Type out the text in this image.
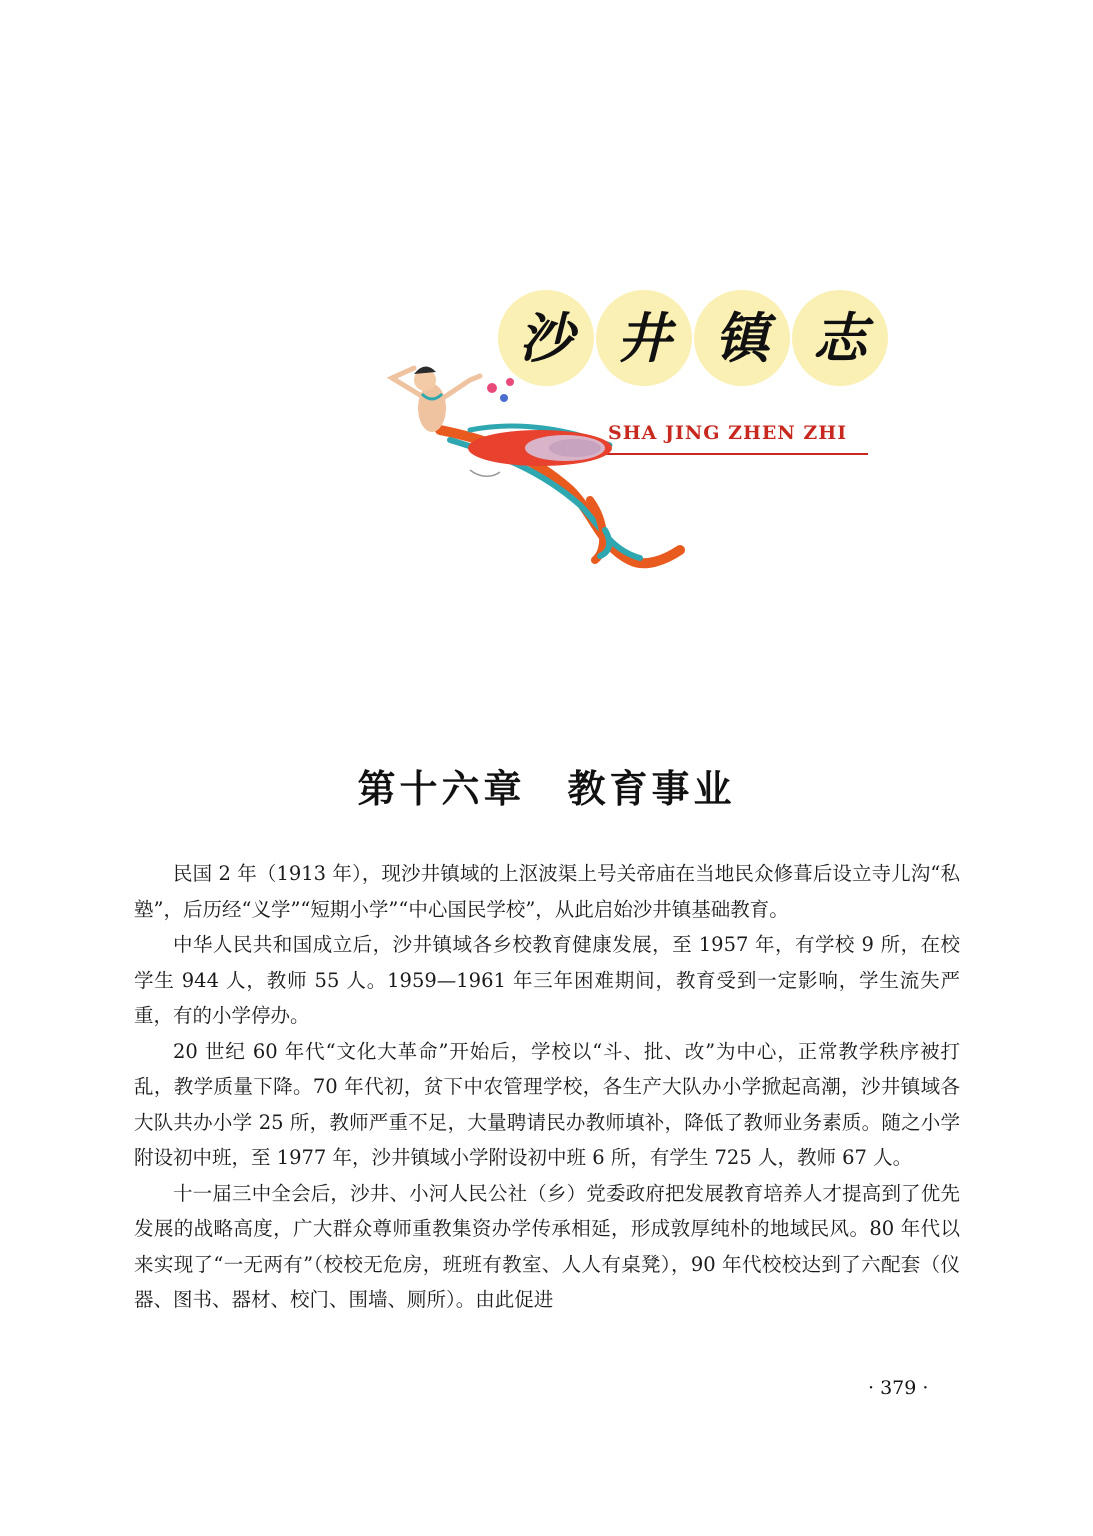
沙 井 镇 志
SHA JING ZHEN ZHI
第十六章　教育事业

民国 2 年（1913 年），现沙井镇域的上沤波渠上号关帝庙在当地民众修葺后设立寺儿沟“私塾”，后历经“义学”“短期小学”“中心国民学校”，从此启始沙井镇基础教育。

中华人民共和国成立后，沙井镇域各乡校教育健康发展，至 1957 年，有学校 9 所，在校学生 944 人，教师 55 人。1959—1961 年三年困难期间，教育受到一定影响，学生流失严重，有的小学停办。

20 世纪 60 年代“文化大革命”开始后，学校以“斗、批、改”为中心，正常教学秩序被打乱，教学质量下降。70 年代初，贫下中农管理学校，各生产大队办小学掀起高潮，沙井镇域各大队共办小学 25 所，教师严重不足，大量聘请民办教师填补，降低了教师业务素质。随之小学附设初中班，至 1977 年，沙井镇域小学附设初中班 6 所，有学生 725 人，教师 67 人。

十一届三中全会后，沙井、小河人民公社（乡）党委政府把发展教育培养人才提高到了优先发展的战略高度，广大群众尊师重教集资办学传承相延，形成敦厚纯朴的地域民风。80 年代以来实现了“一无两有”（校校无危房，班班有教室、人人有桌凳），90 年代校校达到了六配套（仪器、图书、器材、校门、围墙、厕所）。由此促进

· 379 ·
